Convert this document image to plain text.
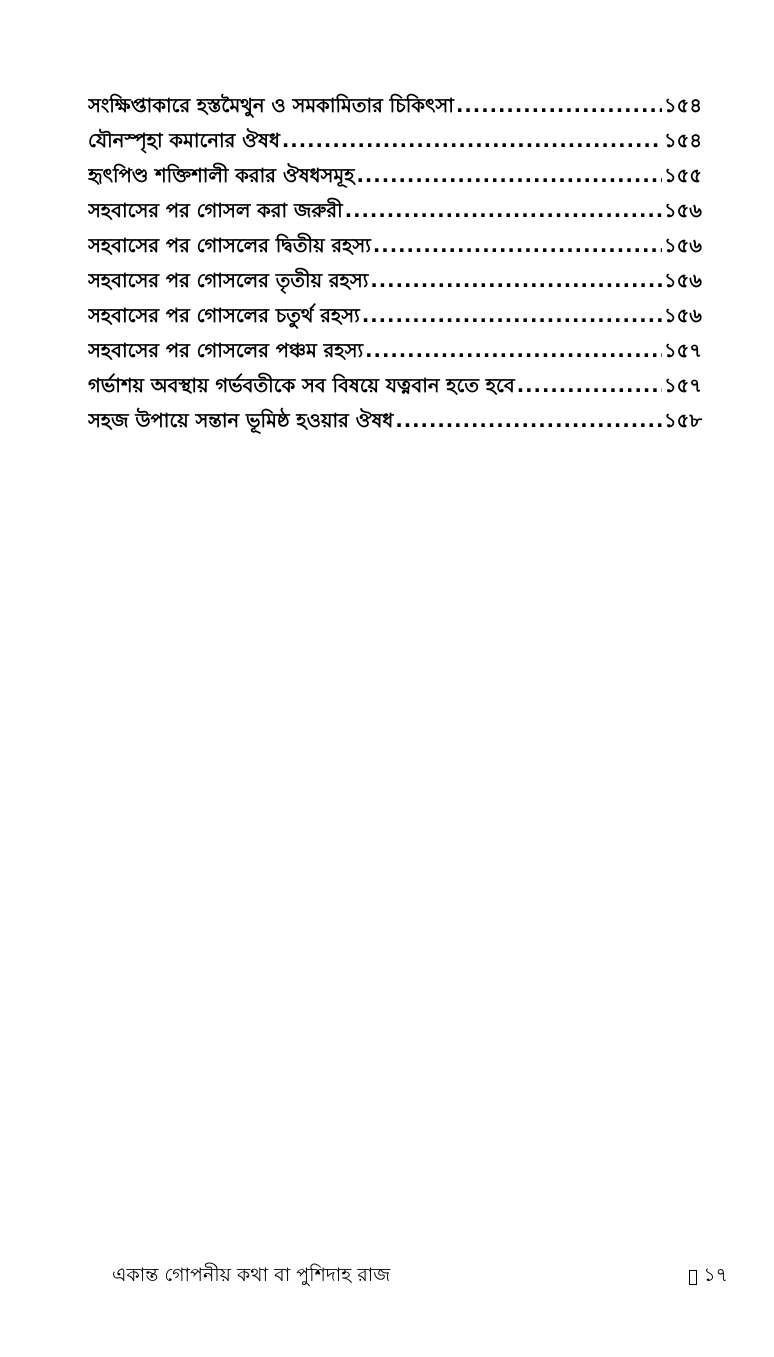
সংক্ষিপ্তাকারে হস্তমৈথুন ও সমকামিতার চিকিৎসা .....	১৫৪
যৌনস্পৃহা কমানোর ঔষধ .....	১৫৪
হৃৎপিণ্ড শক্তিশালী করার ঔষধসমূহ .....	১৫৫
সহবাসের পর গোসল করা জরুরী .....	১৫৬
সহবাসের পর গোসলের দ্বিতীয় রহস্য .....	১৫৬
সহবাসের পর গোসলের তৃতীয় রহস্য .....	১৫৬
সহবাসের পর গোসলের চতুর্থ রহস্য .....	১৫৬
সহবাসের পর গোসলের পঞ্চম রহস্য .....	১৫৭
গর্ভাশয় অবস্থায় গর্ভবতীকে সব বিষয়ে যত্নবান হতে হবে .....	১৫৭
সহজ উপায়ে সন্তান ভূমিষ্ঠ হওয়ার ঔষধ .....	১৫৮
একান্ত গোপনীয় কথা বা পুশিদাহ রাজ	১৭
